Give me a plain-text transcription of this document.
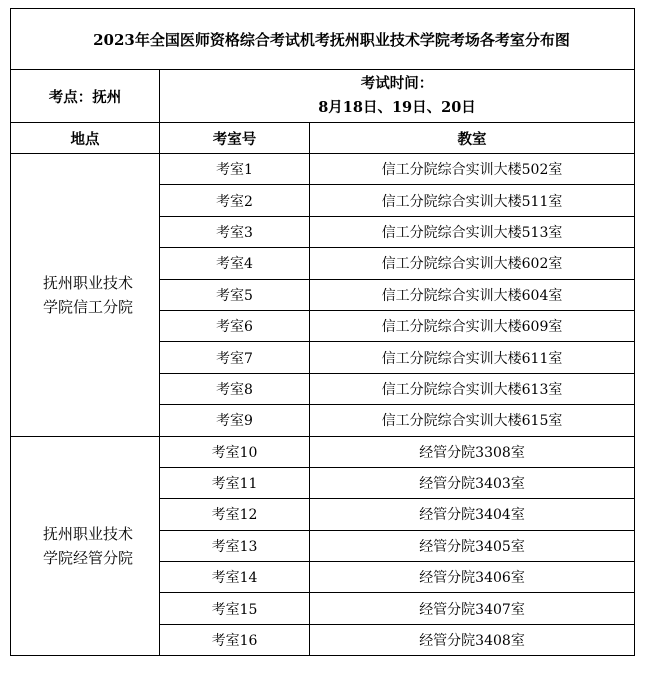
2023年全国医师资格综合考试机考抚州职业技术学院考场各考室分布图		
考点：抚州	考试时间：
8月18日、19日、20日	

地点	考室号	教室

抚州职业技术
学院信工分院	考室1	信工分院综合实训大楼502室
	考室2	信工分院综合实训大楼511室
	考室3	信工分院综合实训大楼513室
	考室4	信工分院综合实训大楼602室
	考室5	信工分院综合实训大楼604室
	考室6	信工分院综合实训大楼609室
	考室7	信工分院综合实训大楼611室
	考室8	信工分院综合实训大楼613室
	考室9	信工分院综合实训大楼615室

抚州职业技术
学院经管分院	考室10	经管分院3308室
	考室11	经管分院3403室
	考室12	经管分院3404室
	考室13	经管分院3405室
	考室14	经管分院3406室
	考室15	经管分院3407室
	考室16	经管分院3408室
